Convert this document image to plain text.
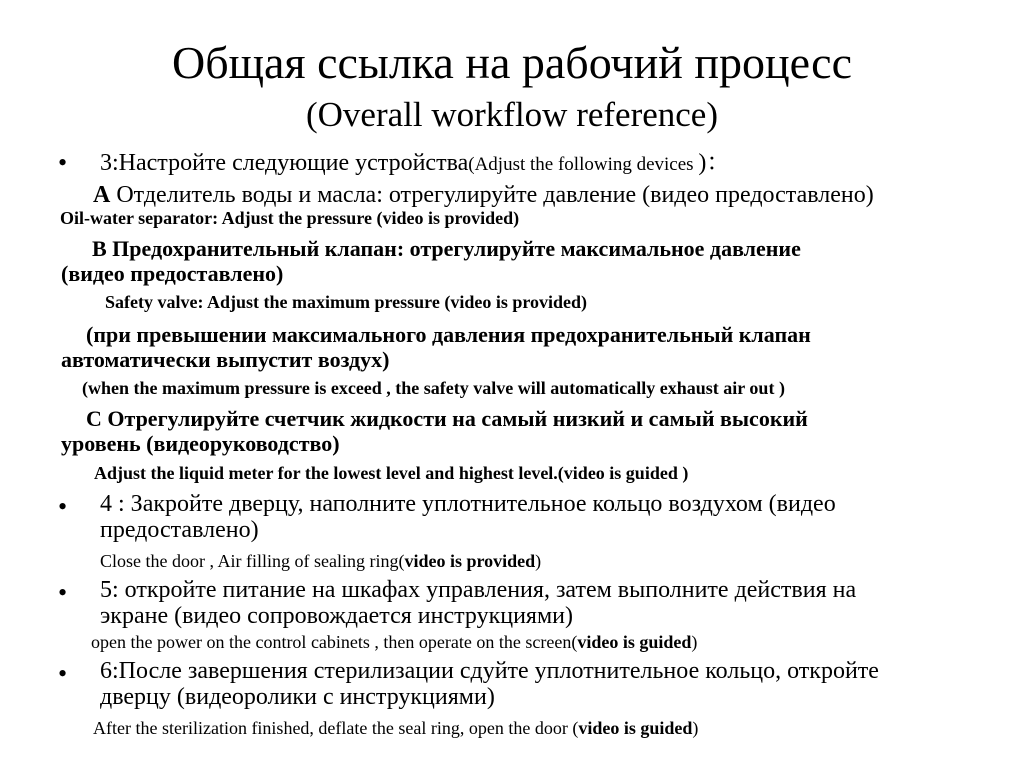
Общая ссылка на рабочий процесс
(Overall workflow reference)
• 3:Настройте следующие устройства(Adjust the following devices )：
A Отделитель воды и масла: отрегулируйте давление (видео предоставлено)
Oil-water separator: Adjust the pressure (video is provided)
B Предохранительный клапан: отрегулируйте максимальное давление
(видео предоставлено)
Safety valve: Adjust the maximum pressure (video is provided)
(при превышении максимального давления предохранительный клапан
автоматически выпустит воздух)
(when the maximum pressure is exceed , the safety valve will automatically exhaust air out )
С Отрегулируйте счетчик жидкости на самый низкий и самый высокий
уровень (видеоруководство)
Adjust the liquid meter for the lowest level and highest level.(video is guided )
• 4 : Закройте дверцу, наполните уплотнительное кольцо воздухом (видео
предоставлено)
Close the door , Air filling of sealing ring(video is provided)
• 5: откройте питание на шкафах управления, затем выполните действия на
экране (видео сопровождается инструкциями)
open the power on the control cabinets , then operate on the screen(video is guided)
• 6:После завершения стерилизации сдуйте уплотнительное кольцо, откройте
дверцу (видеоролики с инструкциями)
After the sterilization finished, deflate the seal ring, open the door (video is guided)
